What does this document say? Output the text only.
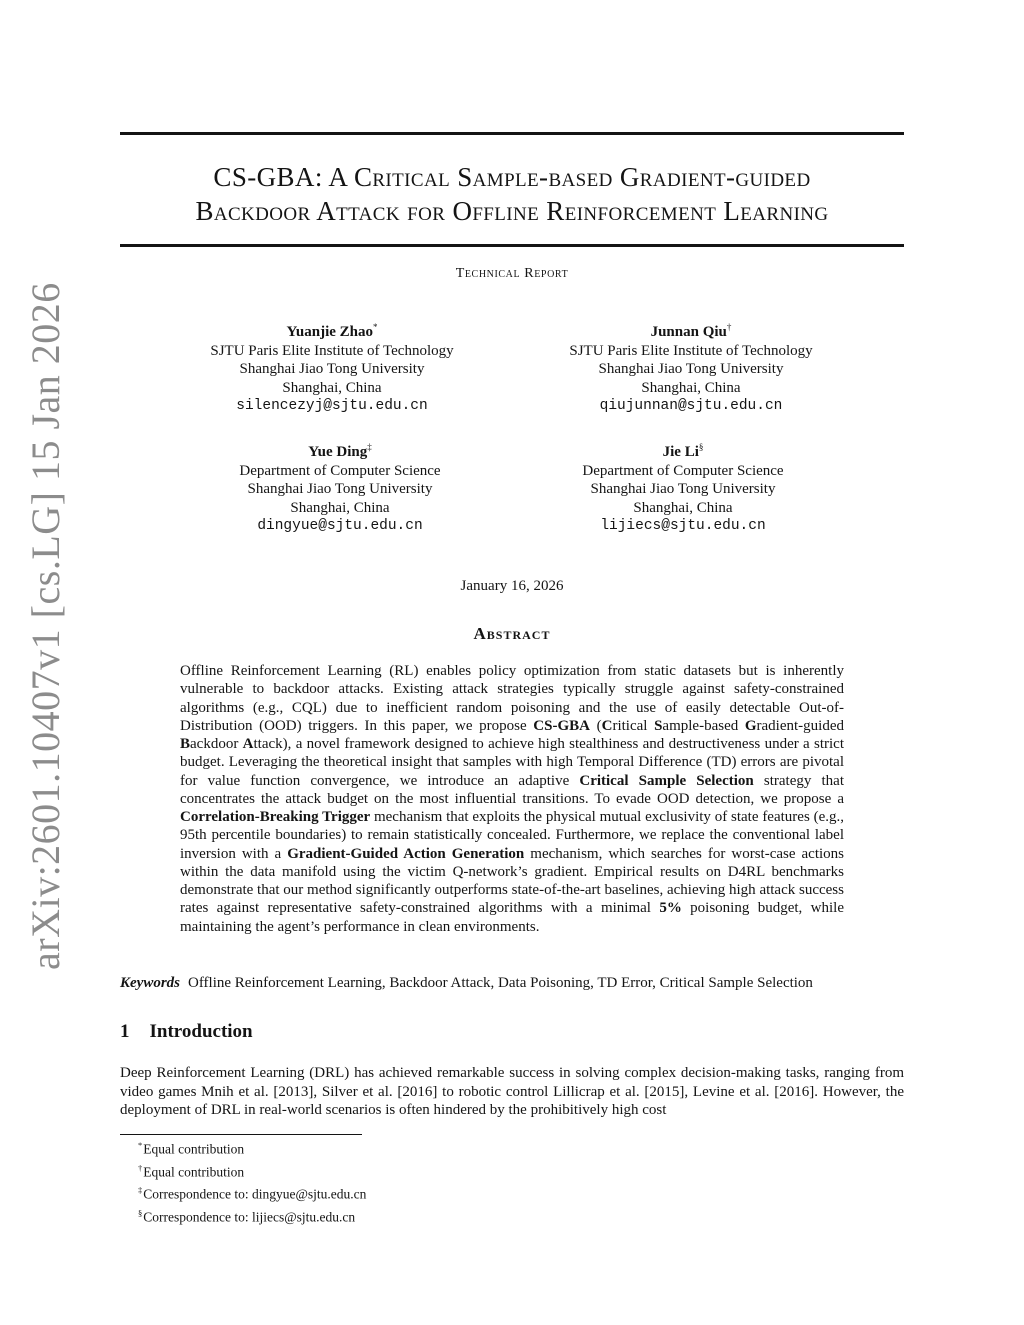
arXiv:2601.10407v1 [cs.LG] 15 Jan 2026
CS-GBA: A Critical Sample-based Gradient-guided
Backdoor Attack for Offline Reinforcement Learning
Technical Report
Yuanjie Zhao*
SJTU Paris Elite Institute of Technology
Shanghai Jiao Tong University
Shanghai, China
silencezyj@sjtu.edu.cn
Junnan Qiu†
SJTU Paris Elite Institute of Technology
Shanghai Jiao Tong University
Shanghai, China
qiujunnan@sjtu.edu.cn
Yue Ding‡
Department of Computer Science
Shanghai Jiao Tong University
Shanghai, China
dingyue@sjtu.edu.cn
Jie Li§
Department of Computer Science
Shanghai Jiao Tong University
Shanghai, China
lijiecs@sjtu.edu.cn
January 16, 2026
Abstract
Offline Reinforcement Learning (RL) enables policy optimization from static datasets but is inherently vulnerable to backdoor attacks. Existing attack strategies typically struggle against safety-constrained algorithms (e.g., CQL) due to inefficient random poisoning and the use of easily detectable Out-of-Distribution (OOD) triggers. In this paper, we propose CS-GBA (Critical Sample-based Gradient-guided Backdoor Attack), a novel framework designed to achieve high stealthiness and destructiveness under a strict budget. Leveraging the theoretical insight that samples with high Temporal Difference (TD) errors are pivotal for value function convergence, we introduce an adaptive Critical Sample Selection strategy that concentrates the attack budget on the most influential transitions. To evade OOD detection, we propose a Correlation-Breaking Trigger mechanism that exploits the physical mutual exclusivity of state features (e.g., 95th percentile boundaries) to remain statistically concealed. Furthermore, we replace the conventional label inversion with a Gradient-Guided Action Generation mechanism, which searches for worst-case actions within the data manifold using the victim Q-network’s gradient. Empirical results on D4RL benchmarks demonstrate that our method significantly outperforms state-of-the-art baselines, achieving high attack success rates against representative safety-constrained algorithms with a minimal 5% poisoning budget, while maintaining the agent’s performance in clean environments.
Keywords Offline Reinforcement Learning, Backdoor Attack, Data Poisoning, TD Error, Critical Sample Selection
1 Introduction
Deep Reinforcement Learning (DRL) has achieved remarkable success in solving complex decision-making tasks, ranging from video games Mnih et al. [2013], Silver et al. [2016] to robotic control Lillicrap et al. [2015], Levine et al. [2016]. However, the deployment of DRL in real-world scenarios is often hindered by the prohibitively high cost
*Equal contribution
†Equal contribution
‡Correspondence to: dingyue@sjtu.edu.cn
§Correspondence to: lijiecs@sjtu.edu.cn
